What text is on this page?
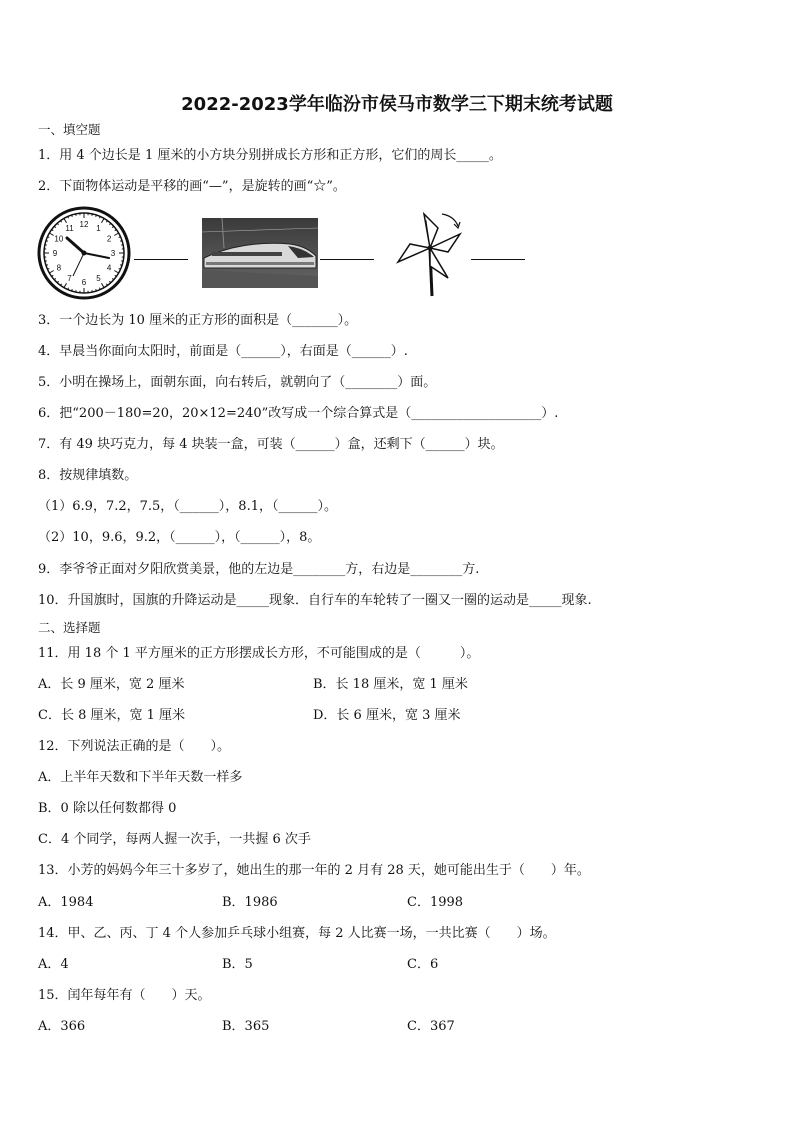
2022-2023学年临汾市侯马市数学三下期末统考试题
一、填空题
1．用 4 个边长是 1 厘米的小方块分别拼成长方形和正方形，它们的周长_____。
2．下面物体运动是平移的画“—”，是旋转的画“☆”。
12 1
2
3
4
5
6
7
8
9
10
11
3．一个边长为 10 厘米的正方形的面积是（_______）。
4．早晨当你面向太阳时，前面是（______），右面是（______）.
5．小明在操场上，面朝东面，向右转后，就朝向了（________）面。
6．把“200－180=20，20×12=240”改写成一个综合算式是（____________________）.
7．有 49 块巧克力，每 4 块装一盒，可装（______）盒，还剩下（______）块。
8．按规律填数。
（1）6.9，7.2，7.5，（______），8.1，（______）。
（2）10，9.6，9.2，（______），（______），8。
9．李爷爷正面对夕阳欣赏美景，他的左边是________方，右边是________方.
10．升国旗时，国旗的升降运动是_____现象．自行车的车轮转了一圈又一圈的运动是_____现象.
二、选择题
11．用 18 个 1 平方厘米的正方形摆成长方形，不可能围成的是（　　　）。
A．长 9 厘米，宽 2 厘米	B．长 18 厘米，宽 1 厘米
C．长 8 厘米，宽 1 厘米	D．长 6 厘米，宽 3 厘米
12．下列说法正确的是（　　）。
A．上半年天数和下半年天数一样多
B．0 除以任何数都得 0
C．4 个同学，每两人握一次手，一共握 6 次手
13．小芳的妈妈今年三十多岁了，她出生的那一年的 2 月有 28 天，她可能出生于（　　）年。
A．1984	B．1986	C．1998
14．甲、乙、丙、丁 4 个人参加乒乓球小组赛，每 2 人比赛一场，一共比赛（　　）场。
A．4	B．5	C．6
15．闰年每年有（　　）天。
A．366	B．365	C．367
